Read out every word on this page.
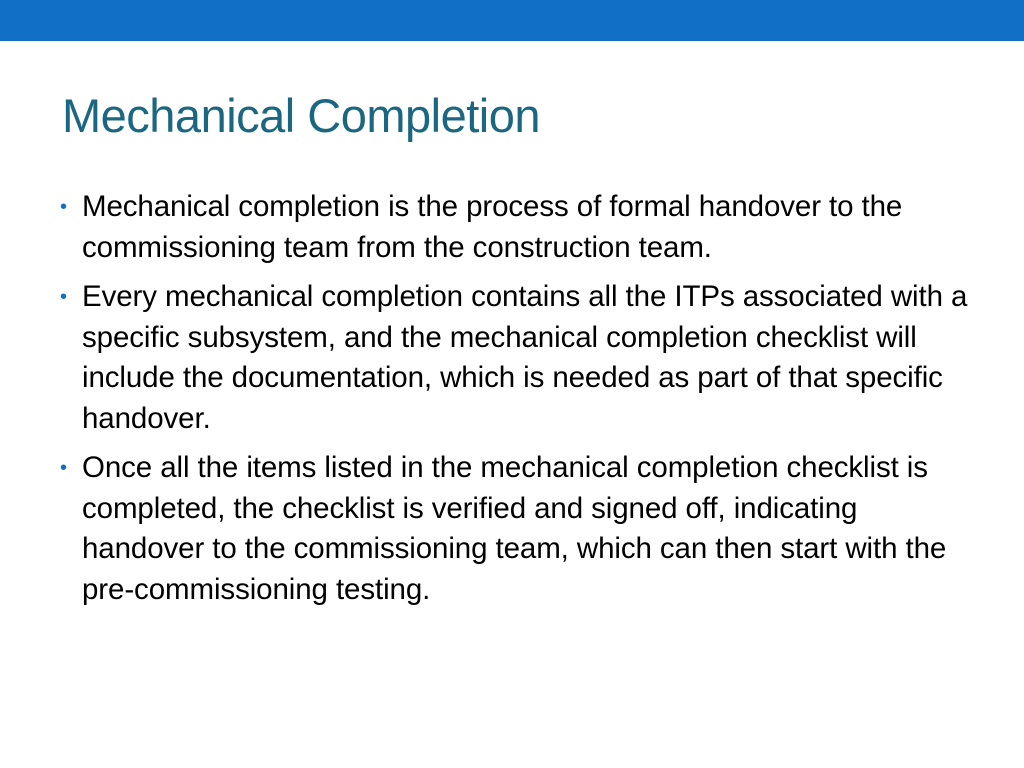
Mechanical Completion
• Mechanical completion is the process of formal handover to the commissioning team from the construction team.
• Every mechanical completion contains all the ITPs associated with a specific subsystem, and the mechanical completion checklist will include the documentation, which is needed as part of that specific handover.
• Once all the items listed in the mechanical completion checklist is completed, the checklist is verified and signed off, indicating handover to the commissioning team, which can then start with the pre-commissioning testing.
